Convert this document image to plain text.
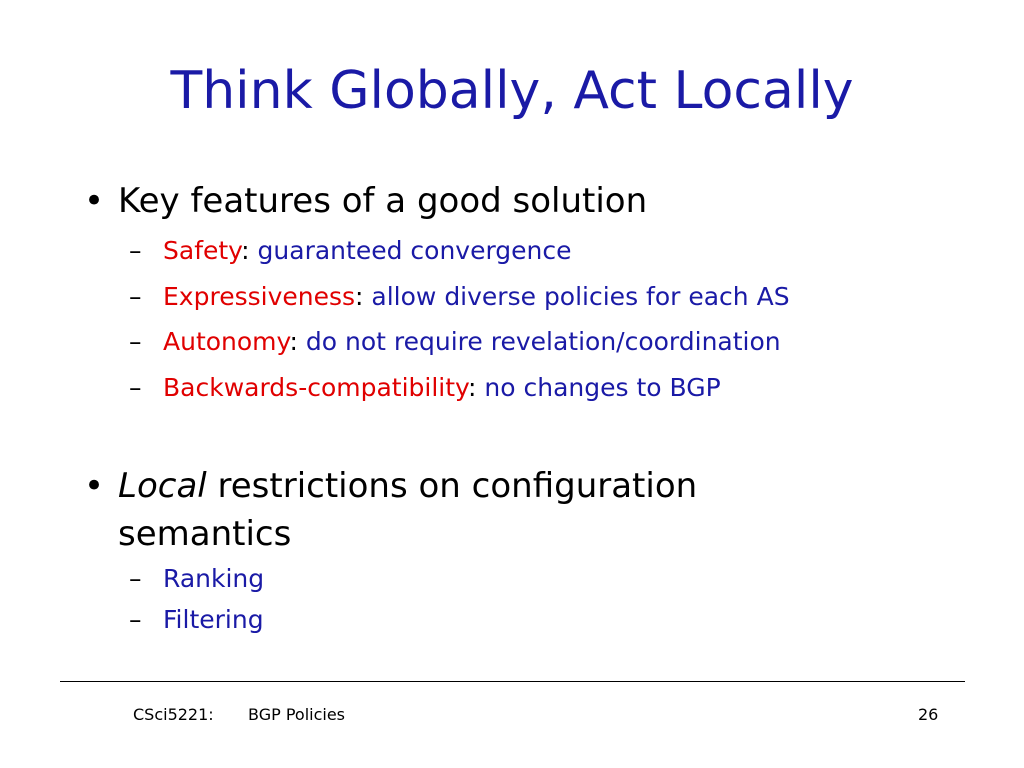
Think Globally, Act Locally
• Key features of a good solution
– Safety: guaranteed convergence
– Expressiveness: allow diverse policies for each AS
– Autonomy: do not require revelation/coordination
– Backwards-compatibility: no changes to BGP
• Local restrictions on configuration
semantics
– Ranking
– Filtering
CSci5221: BGP Policies	26
